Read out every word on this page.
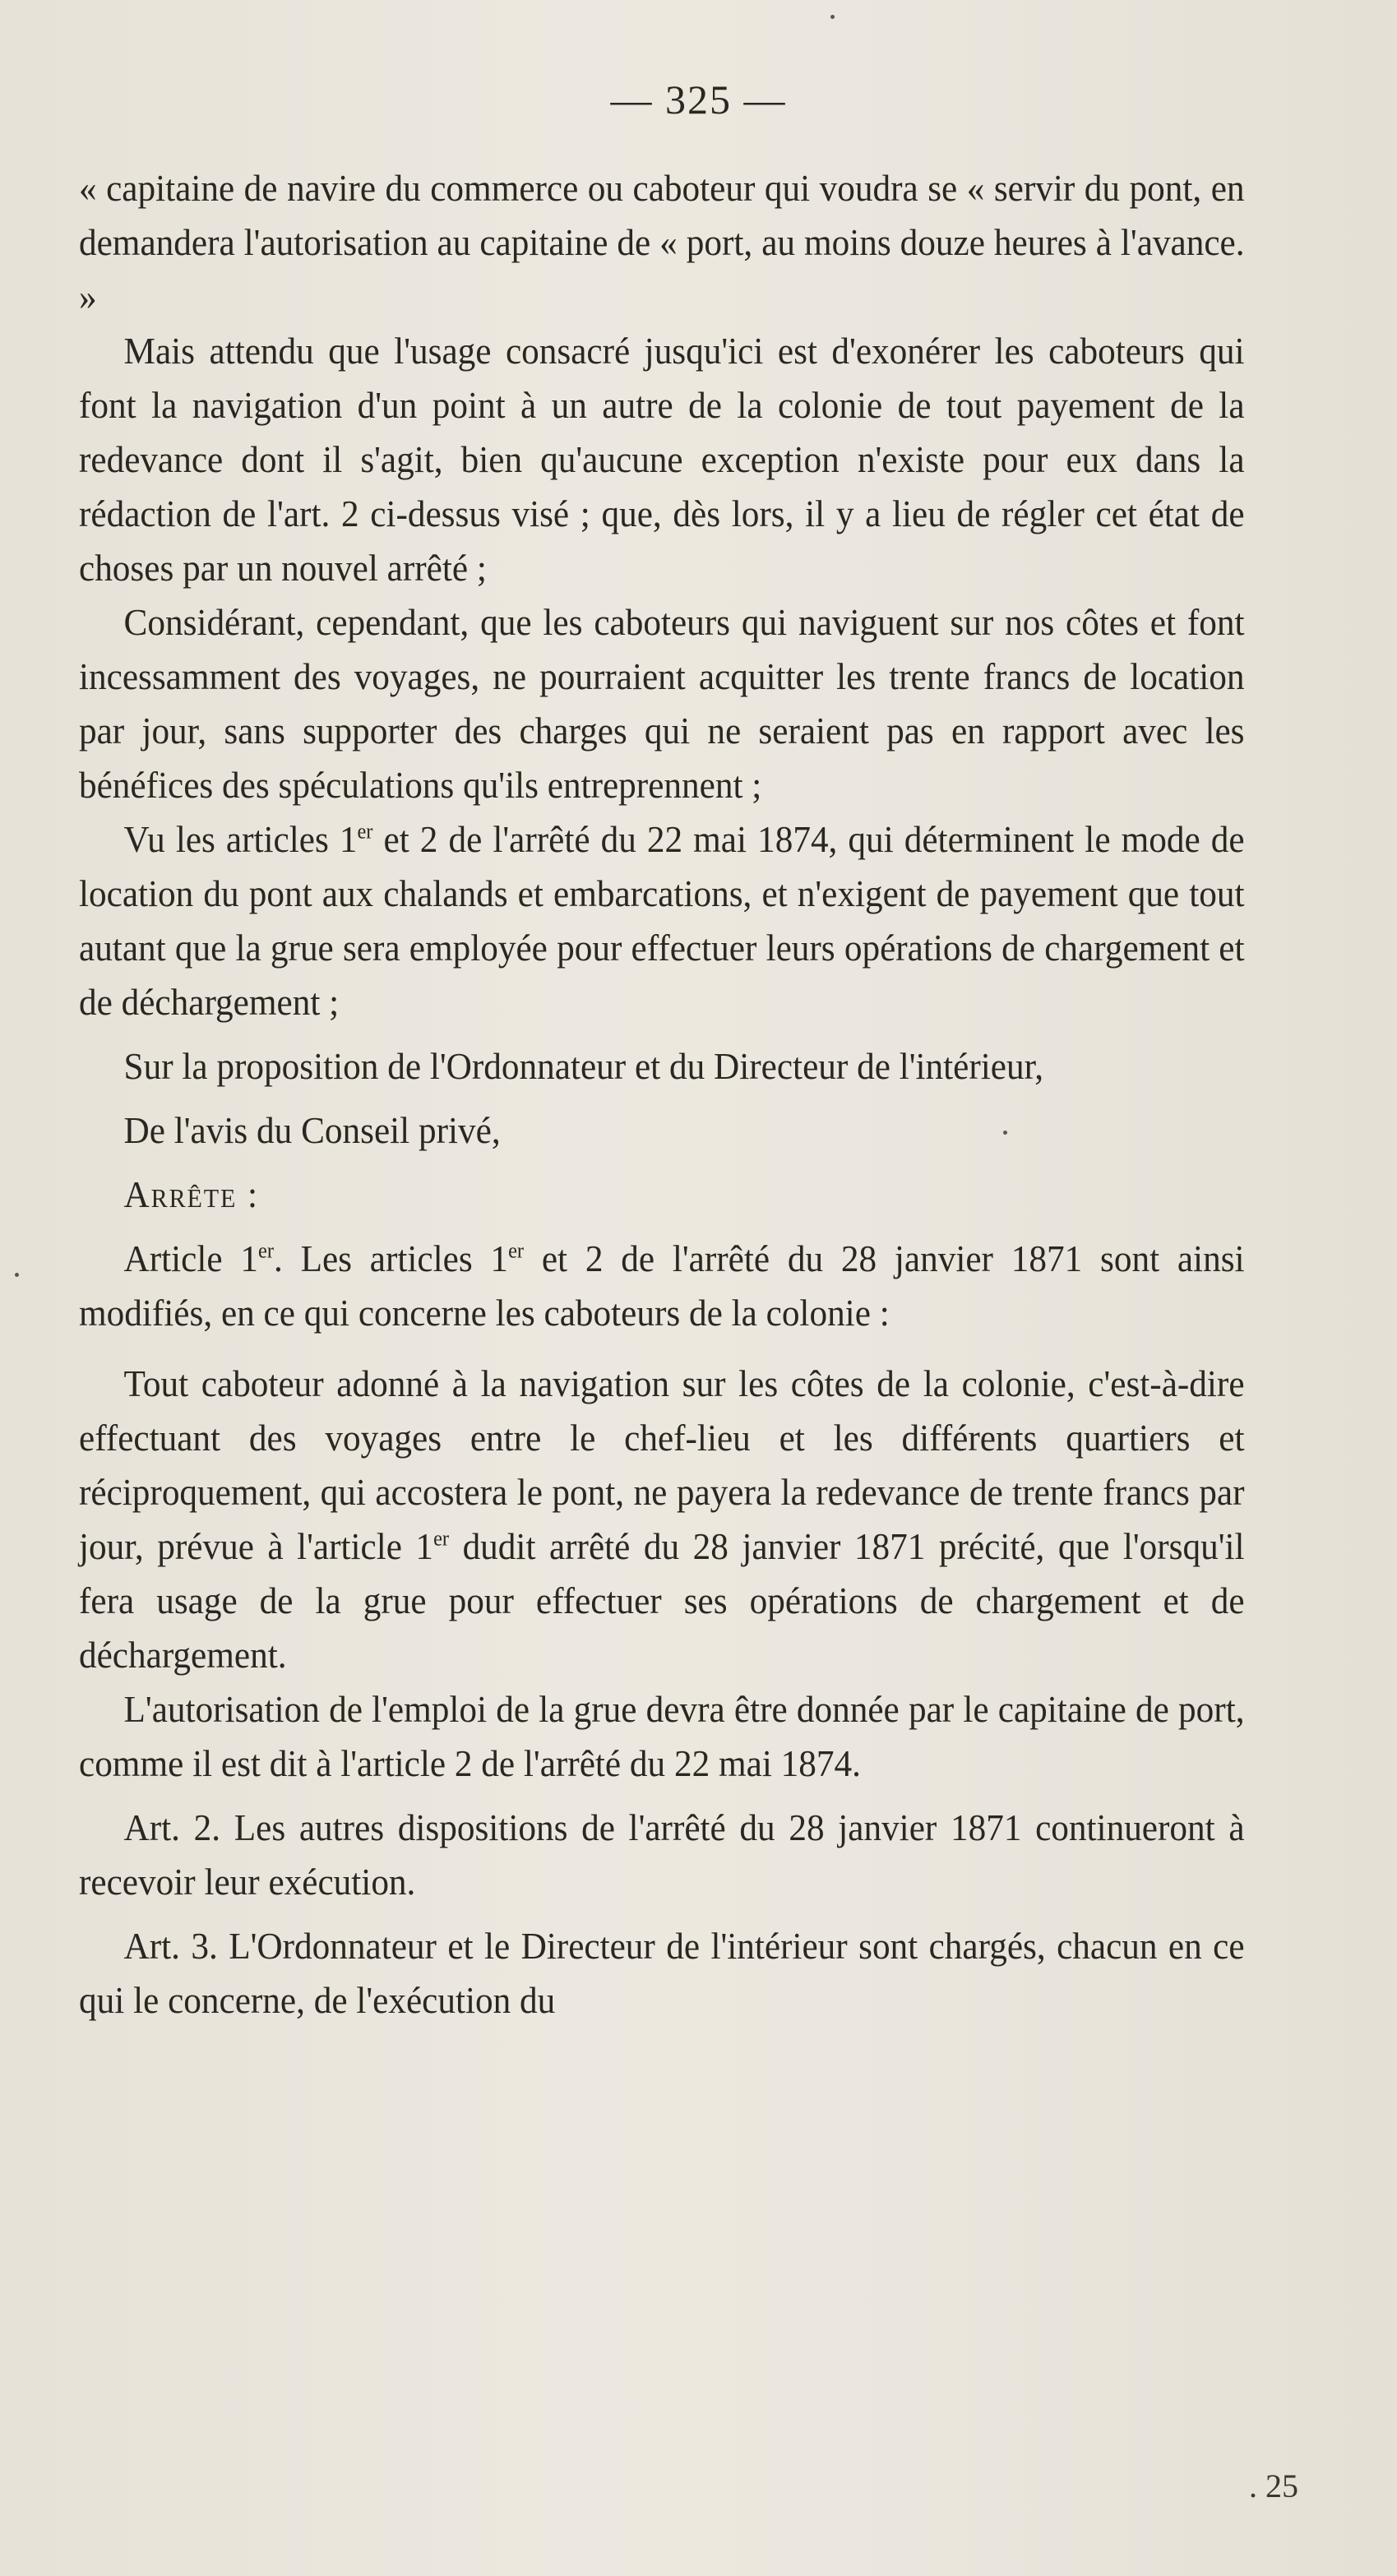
— 325 —

« capitaine de navire du commerce ou caboteur qui voudra se « servir du pont, en demandera l'autorisation au capitaine de « port, au moins douze heures à l'avance. »

Mais attendu que l'usage consacré jusqu'ici est d'exonérer les caboteurs qui font la navigation d'un point à un autre de la colonie de tout payement de la redevance dont il s'agit, bien qu'aucune exception n'existe pour eux dans la rédaction de l'art. 2 ci-dessus visé ; que, dès lors, il y a lieu de régler cet état de choses par un nouvel arrêté ;

Considérant, cependant, que les caboteurs qui naviguent sur nos côtes et font incessamment des voyages, ne pourraient acquitter les trente francs de location par jour, sans supporter des charges qui ne seraient pas en rapport avec les bénéfices des spéculations qu'ils entreprennent ;

Vu les articles 1er et 2 de l'arrêté du 22 mai 1874, qui déterminent le mode de location du pont aux chalands et embarcations, et n'exigent de payement que tout autant que la grue sera employée pour effectuer leurs opérations de chargement et de déchargement ;

Sur la proposition de l'Ordonnateur et du Directeur de l'intérieur,

De l'avis du Conseil privé,

Arrête :

Article 1er. Les articles 1er et 2 de l'arrêté du 28 janvier 1871 sont ainsi modifiés, en ce qui concerne les caboteurs de la colonie :

Tout caboteur adonné à la navigation sur les côtes de la colonie, c'est-à-dire effectuant des voyages entre le chef-lieu et les différents quartiers et réciproquement, qui accostera le pont, ne payera la redevance de trente francs par jour, prévue à l'article 1er dudit arrêté du 28 janvier 1871 précité, que l'orsqu'il fera usage de la grue pour effectuer ses opérations de chargement et de déchargement.

L'autorisation de l'emploi de la grue devra être donnée par le capitaine de port, comme il est dit à l'article 2 de l'arrêté du 22 mai 1874.

Art. 2. Les autres dispositions de l'arrêté du 28 janvier 1871 continueront à recevoir leur exécution.

Art. 3. L'Ordonnateur et le Directeur de l'intérieur sont chargés, chacun en ce qui le concerne, de l'exécution du

. 25
